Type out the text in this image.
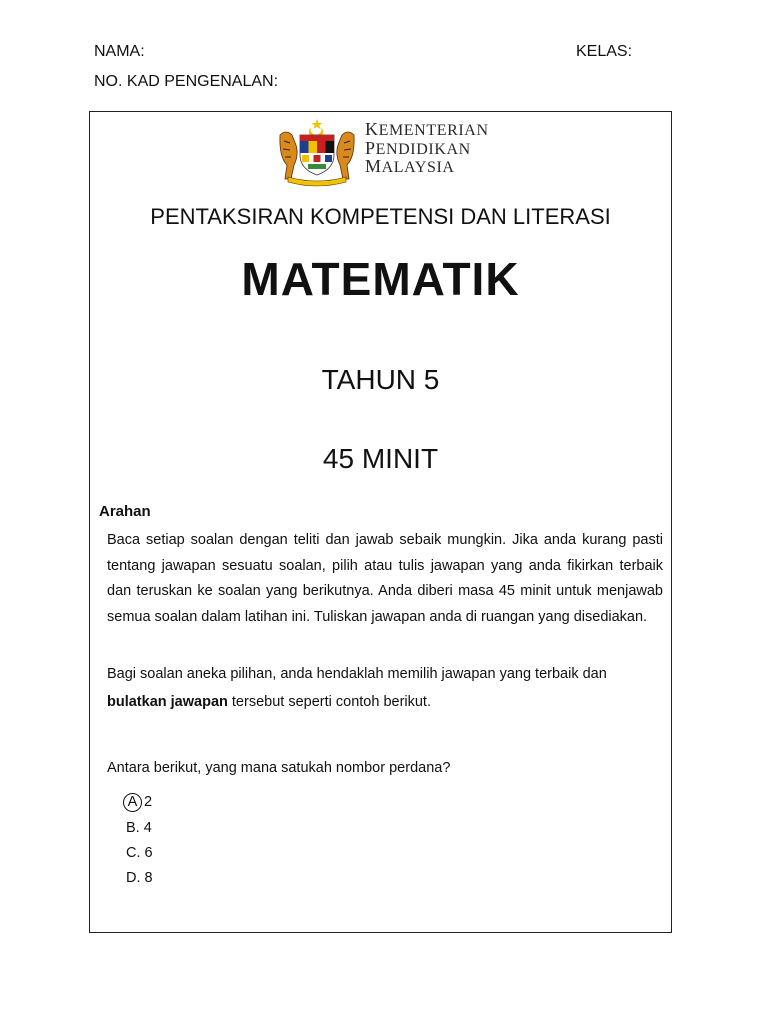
NAMA:	KELAS:
NO. KAD PENGENALAN:
KEMENTERIAN
PENDIDIKAN
MALAYSIA
PENTAKSIRAN KOMPETENSI DAN LITERASI
MATEMATIK
TAHUN 5
45 MINIT
Arahan
Baca setiap soalan dengan teliti dan jawab sebaik mungkin. Jika anda kurang pasti tentang jawapan sesuatu soalan, pilih atau tulis jawapan yang anda fikirkan terbaik dan teruskan ke soalan yang berikutnya. Anda diberi masa 45 minit untuk menjawab semua soalan dalam latihan ini. Tuliskan jawapan anda di ruangan yang disediakan.
Bagi soalan aneka pilihan, anda hendaklah memilih jawapan yang terbaik dan
bulatkan jawapan tersebut seperti contoh berikut.
Antara berikut, yang mana satukah nombor perdana?
A 2
B. 4
C. 6
D. 8
